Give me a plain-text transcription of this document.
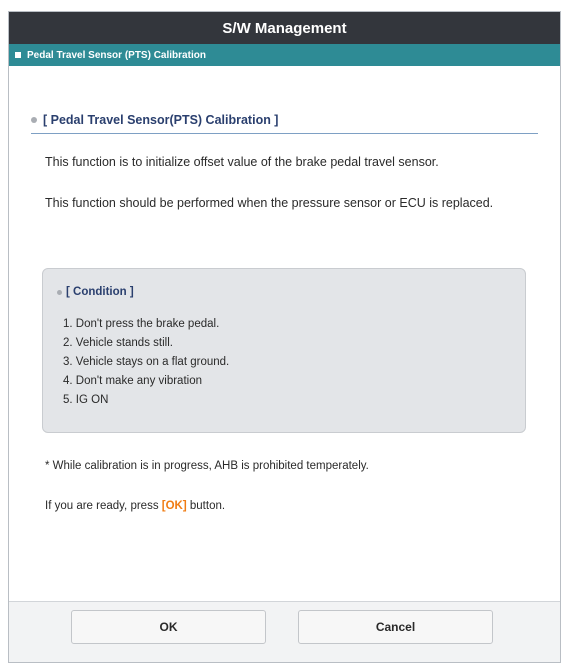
S/W Management
Pedal Travel Sensor (PTS) Calibration
[ Pedal Travel Sensor(PTS) Calibration ]
This function is to initialize offset value of the brake pedal travel sensor.
This function should be performed when the pressure sensor or ECU is replaced.
[ Condition ]
1. Don't press the brake pedal.
2. Vehicle stands still.
3. Vehicle stays on a flat ground.
4. Don't make any vibration
5. IG ON
* While calibration is in progress, AHB is prohibited temperately.
If you are ready, press [OK] button.
OK	Cancel
